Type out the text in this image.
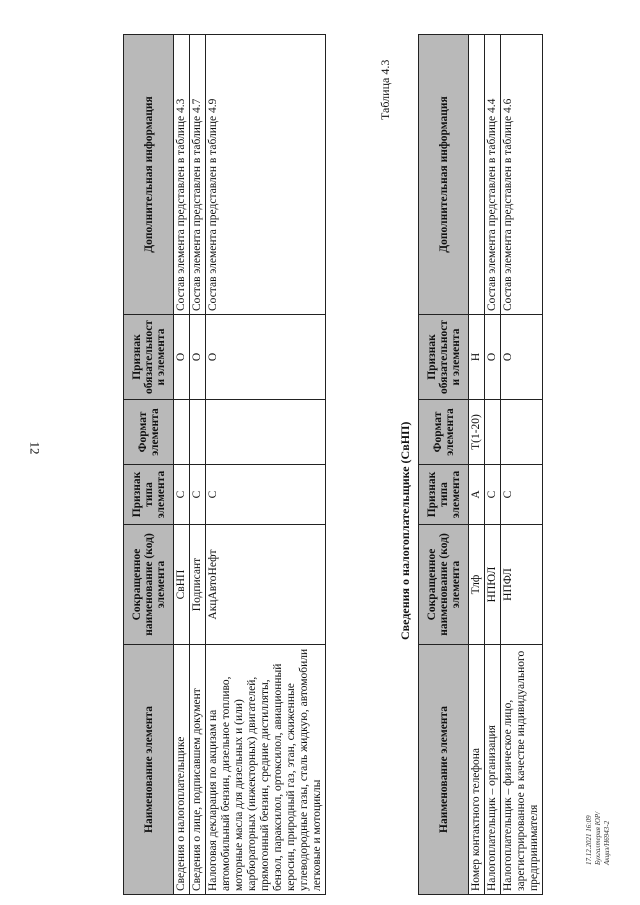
12
Наименование элемента	Сокращенное наименование (код) элемента	Признак типа элемента	Формат элемента	Признак обязательности элемента	Дополнительная информация
Сведения о налогоплательщике	СвНП	С		О	Состав элемента представлен в таблице 4.3
Сведения о лице, подписавшем документ	Подписант	С		О	Состав элемента представлен в таблице 4.7
Налоговая декларация по акцизам на автомобильный бензин, дизельное топливо, моторные масла для дизельных и (или) карбюраторных (инжекторных) двигателей, прямогонный бензин, средние дистилляты, бензол, параксилол, ортоксилол, авиационный керосин, природный газ, этан, сжиженные углеводородные газы, сталь жидкую, автомобили легковые и мотоциклы	АкцАвтоНефт	С		О	Состав элемента представлен в таблице 4.9
Таблица 4.3
Сведения о налогоплательщике (СвНП)
Наименование элемента	Сокращенное наименование (код) элемента	Признак типа элемента	Формат элемента	Признак обязательности элемента	Дополнительная информация
Номер контактного телефона	Тлф	А	T(1-20)	Н	
Налогоплательщик – организация	НПЮЛ	С		О	Состав элемента представлен в таблице 4.4
Налогоплательщик – физическое лицо, зарегистрированное в качестве индивидуального предпринимателя	НПФЛ	С		О	Состав элемента представлен в таблице 4.6
17.12.2021 16:09 Бухгалтерия ЮР/Акциз/Н6943-2
